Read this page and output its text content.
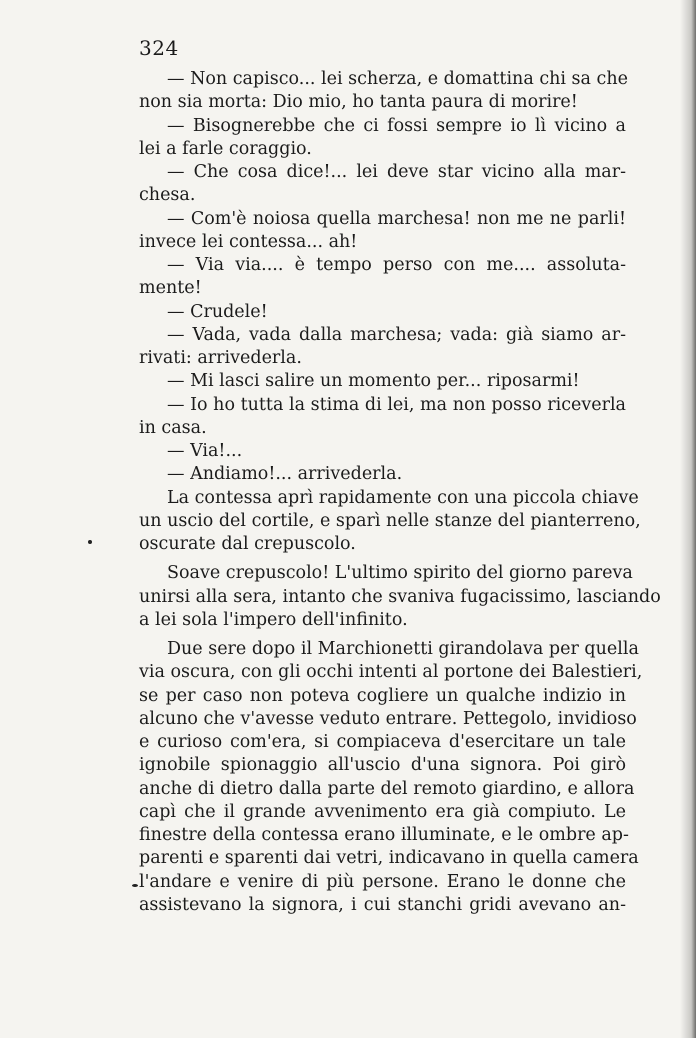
324
— Non capisco... lei scherza, e domattina chi sa che
non sia morta: Dio mio, ho tanta paura di morire!
— Bisognerebbe che ci fossi sempre io lì vicino a
lei a farle coraggio.
— Che cosa dice!... lei deve star vicino alla mar-
chesa.
— Com'è noiosa quella marchesa! non me ne parli!
invece lei contessa... ah!
— Via via.... è tempo perso con me.... assoluta-
mente!
— Crudele!
— Vada, vada dalla marchesa; vada: già siamo ar-
rivati: arrivederla.
— Mi lasci salire un momento per... riposarmi!
— Io ho tutta la stima di lei, ma non posso riceverla
in casa.
— Via!...
— Andiamo!... arrivederla.
La contessa aprì rapidamente con una piccola chiave
un uscio del cortile, e sparì nelle stanze del pianterreno,
oscurate dal crepuscolo.
Soave crepuscolo! L'ultimo spirito del giorno pareva
unirsi alla sera, intanto che svaniva fugacissimo, lasciando
a lei sola l'impero dell'infinito.
Due sere dopo il Marchionetti girandolava per quella
via oscura, con gli occhi intenti al portone dei Balestieri,
se per caso non poteva cogliere un qualche indizio in
alcuno che v'avesse veduto entrare. Pettegolo, invidioso
e curioso com'era, si compiaceva d'esercitare un tale
ignobile spionaggio all'uscio d'una signora. Poi girò
anche di dietro dalla parte del remoto giardino, e allora
capì che il grande avvenimento era già compiuto. Le
finestre della contessa erano illuminate, e le ombre ap-
parenti e sparenti dai vetri, indicavano in quella camera
l'andare e venire di più persone. Erano le donne che
assistevano la signora, i cui stanchi gridi avevano an-
